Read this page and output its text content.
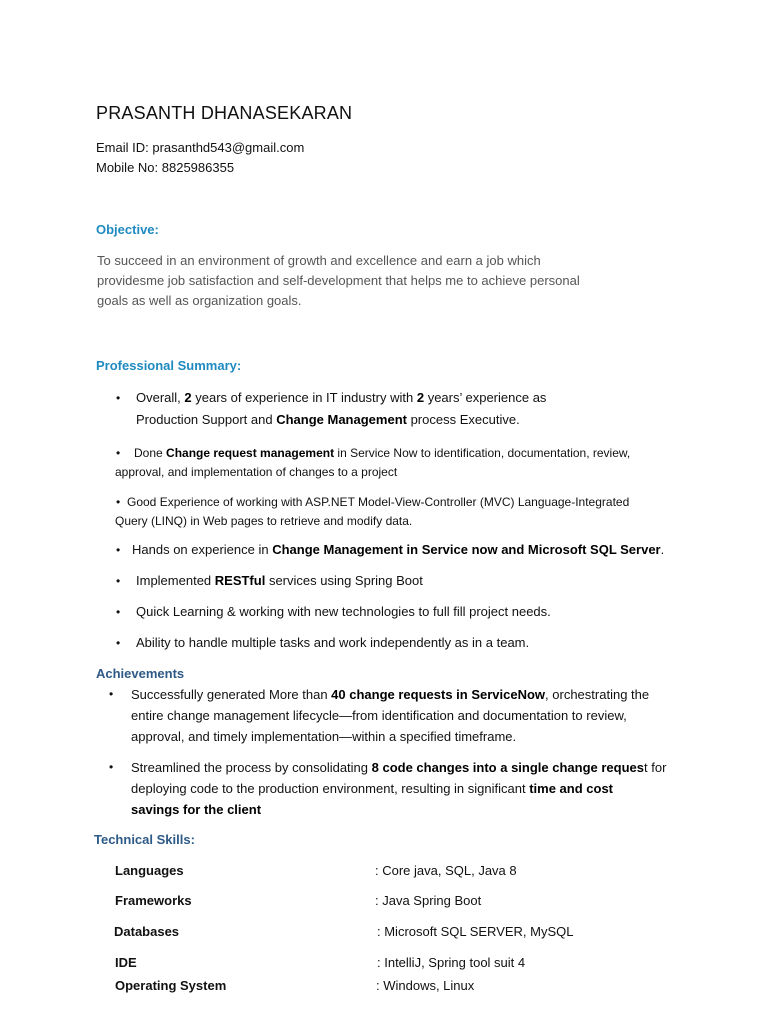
PRASANTH DHANASEKARAN
Email ID: prasanthd543@gmail.com
Mobile No: 8825986355
Objective:
To succeed in an environment of growth and excellence and earn a job which
providesme job satisfaction and self-development that helps me to achieve personal
goals as well as organization goals.
Professional Summary:
• Overall, 2 years of experience in IT industry with 2 years’ experience as
Production Support and Change Management process Executive.
•	Done Change request management in Service Now to identification, documentation, review,
approval, and implementation of changes to a project
• Good Experience of working with ASP.NET Model-View-Controller (MVC) Language-Integrated
Query (LINQ) in Web pages to retrieve and modify data.
• Hands on experience in Change Management in Service now and Microsoft SQL Server.
• Implemented RESTful services using Spring Boot
• Quick Learning & working with new technologies to full fill project needs.
• Ability to handle multiple tasks and work independently as in a team.
Achievements
• Successfully generated More than 40 change requests in ServiceNow, orchestrating the
entire change management lifecycle—from identification and documentation to review,
approval, and timely implementation—within a specified timeframe.
• Streamlined the process by consolidating 8 code changes into a single change request for
deploying code to the production environment, resulting in significant time and cost
savings for the client
Technical Skills:
Languages	: Core java, SQL, Java 8
Frameworks	: Java Spring Boot
Databases	: Microsoft SQL SERVER, MySQL
IDE	: IntelliJ, Spring tool suit 4
Operating System	: Windows, Linux
